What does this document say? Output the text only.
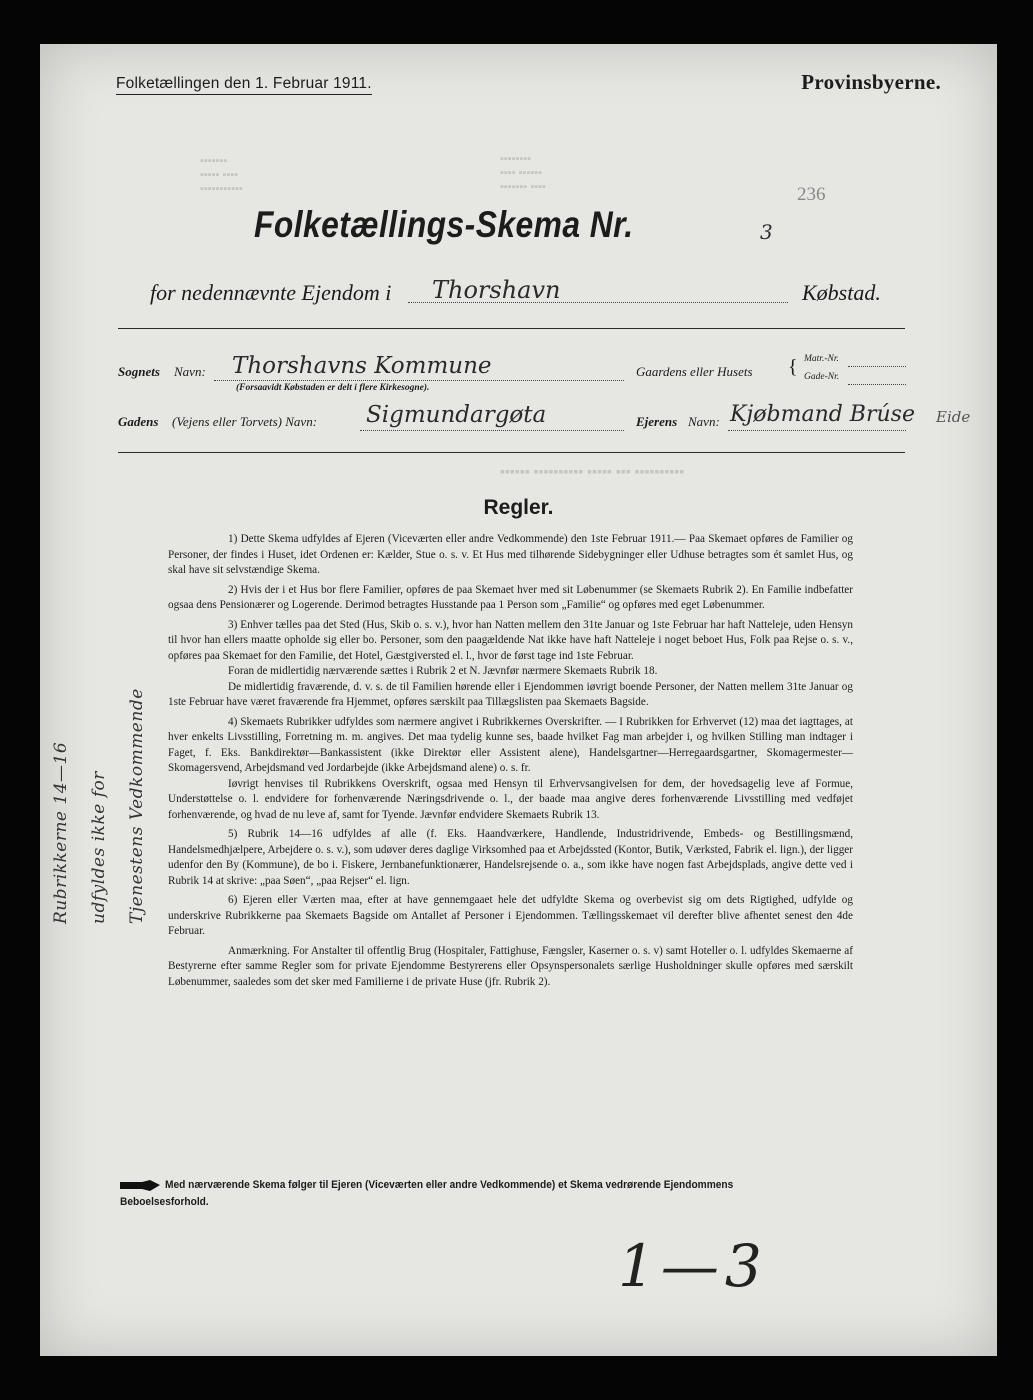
▪▪▪▪▪▪▪
▪▪▪▪▪ ▪▪▪▪
▪▪▪▪▪▪▪▪▪▪▪
▪▪▪▪▪▪▪▪
▪▪▪▪ ▪▪▪▪▪▪
▪▪▪▪▪▪▪ ▪▪▪▪
Folketællingen den 1. Februar 1911.	Provinsbyerne.
236
Folketællings-Skema Nr.	3
for nedennævnte Ejendom i Thorshavn	Købstad.
Sognets Navn: Thorshavns Kommune
(Forsaavidt Købstaden er delt i flere Kirkesogne).
Gaardens eller Husets { Matr.-Nr.
Gade-Nr.
Gadens (Vejens eller Torvets) Navn: Sigmundargøta	Ejerens Navn: Kjøbmand Brúse Eide
▪▪▪▪▪▪ ▪▪▪▪▪▪▪▪▪▪ ▪▪▪▪▪ ▪▪▪ ▪▪▪▪▪▪▪▪▪▪
Regler.

1) Dette Skema udfyldes af Ejeren (Viceværten eller andre Vedkommende) den 1ste Februar 1911.— Paa Skemaet opføres de Familier og Personer, der findes i Huset, idet Ordenen er: Kælder, Stue o. s. v. Et Hus med tilhørende Sidebygninger eller Udhuse betragtes som ét samlet Hus, og skal have sit selvstændige Skema.

2) Hvis der i et Hus bor flere Familier, opføres de paa Skemaet hver med sit Løbenummer (se Skemaets Rubrik 2). En Familie indbefatter ogsaa dens Pensionærer og Logerende. Derimod betragtes Husstande paa 1 Person som „Familie“ og opføres med eget Løbenummer.

3) Enhver tælles paa det Sted (Hus, Skib o. s. v.), hvor han Natten mellem den 31te Januar og 1ste Februar har haft Natteleje, uden Hensyn til hvor han ellers maatte opholde sig eller bo. Personer, som den paagældende Nat ikke have haft Natteleje i noget beboet Hus, Folk paa Rejse o. s. v., opføres paa Skemaet for den Familie, det Hotel, Gæstgiversted el. l., hvor de først tage ind 1ste Februar.

Foran de midlertidig nærværende sættes i Rubrik 2 et N. Jævnfør nærmere Skemaets Rubrik 18.

De midlertidig fraværende, d. v. s. de til Familien hørende eller i Ejendommen iøvrigt boende Personer, der Natten mellem 31te Januar og 1ste Februar have været fraværende fra Hjemmet, opføres særskilt paa Tillægslisten paa Skemaets Bagside.

4) Skemaets Rubrikker udfyldes som nærmere angivet i Rubrikkernes Overskrifter. — I Rubrikken for Erhvervet (12) maa det iagttages, at hver enkelts Livsstilling, Forretning m. m. angives. Det maa tydelig kunne ses, baade hvilket Fag man arbejder i, og hvilken Stilling man indtager i Faget, f. Eks. Bankdirektør—Bankassistent (ikke Direktør eller Assistent alene), Handelsgartner—Herregaardsgartner, Skomagermester—Skomagersvend, Arbejdsmand ved Jordarbejde (ikke Arbejdsmand alene) o. s. fr.

Iøvrigt henvises til Rubrikkens Overskrift, ogsaa med Hensyn til Erhvervsangivelsen for dem, der hovedsagelig leve af Formue, Understøttelse o. l. endvidere for forhenværende Næringsdrivende o. l., der baade maa angive deres forhenværende Livsstilling med vedføjet forhenværende, og hvad de nu leve af, samt for Tyende. Jævnfør endvidere Skemaets Rubrik 13.

5) Rubrik 14—16 udfyldes af alle (f. Eks. Haandværkere, Handlende, Industridrivende, Embeds- og Bestillingsmænd, Handelsmedhjælpere, Arbejdere o. s. v.), som udøver deres daglige Virksomhed paa et Arbejdssted (Kontor, Butik, Værksted, Fabrik el. lign.), der ligger udenfor den By (Kommune), de bo i. Fiskere, Jernbanefunktionærer, Handelsrejsende o. a., som ikke have nogen fast Arbejdsplads, angive dette ved i Rubrik 14 at skrive: „paa Søen“, „paa Rejser“ el. lign.

6) Ejeren eller Værten maa, efter at have gennemgaaet hele det udfyldte Skema og overbevist sig om dets Rigtighed, udfylde og underskrive Rubrikkerne paa Skemaets Bagside om Antallet af Personer i Ejendommen. Tællingsskemaet vil derefter blive afhentet senest den 4de Februar.

Anmærkning. For Anstalter til offentlig Brug (Hospitaler, Fattighuse, Fængsler, Kaserner o. s. v) samt Hoteller o. l. udfyldes Skemaerne af Bestyrerne efter samme Regler som for private Ejendomme Bestyrerens eller Opsynspersonalets særlige Husholdninger skulle opføres med særskilt Løbenummer, saaledes som det sker med Familierne i de private Huse (jfr. Rubrik 2).

Rubrikkerne 14—16	udfyldes ikke for	Tjenestens Vedkommende
Med nærværende Skema følger til Ejeren (Viceværten eller andre Vedkommende) et Skema vedrørende Ejendommens Beboelsesforhold.
1—3
